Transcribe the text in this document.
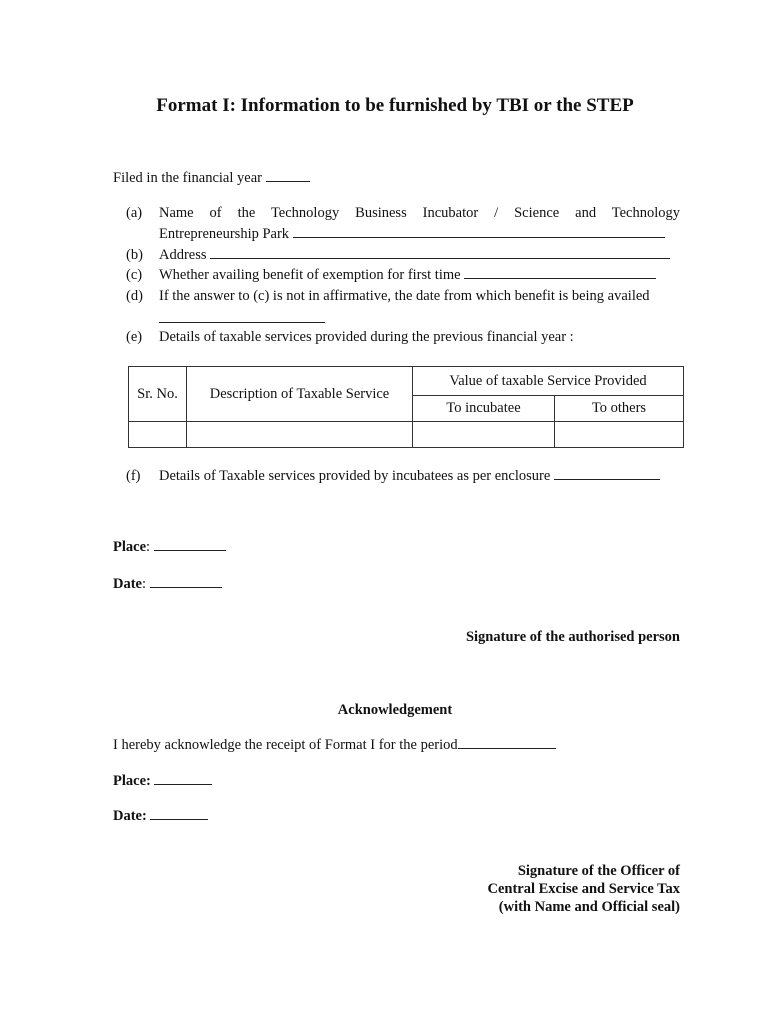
Format I: Information to be furnished by TBI or the STEP
Filed in the financial year
(a) Name of the Technology Business Incubator / Science and Technology
Entrepreneurship Park
(b) Address
(c) Whether availing benefit of exemption for first time
(d) If the answer to (c) is not in affirmative, the date from which benefit is being availed
(e) Details of taxable services provided during the previous financial year :
Sr. No.	Description of Taxable Service	Value of taxable Service Provided	
		To incubatee	To others

(f) Details of Taxable services provided by incubatees as per enclosure
Place:
Date:
Signature of the authorised person
Acknowledgement
I hereby acknowledge the receipt of Format I for the period
Place:
Date:
Signature of the Officer of
Central Excise and Service Tax
(with Name and Official seal)
